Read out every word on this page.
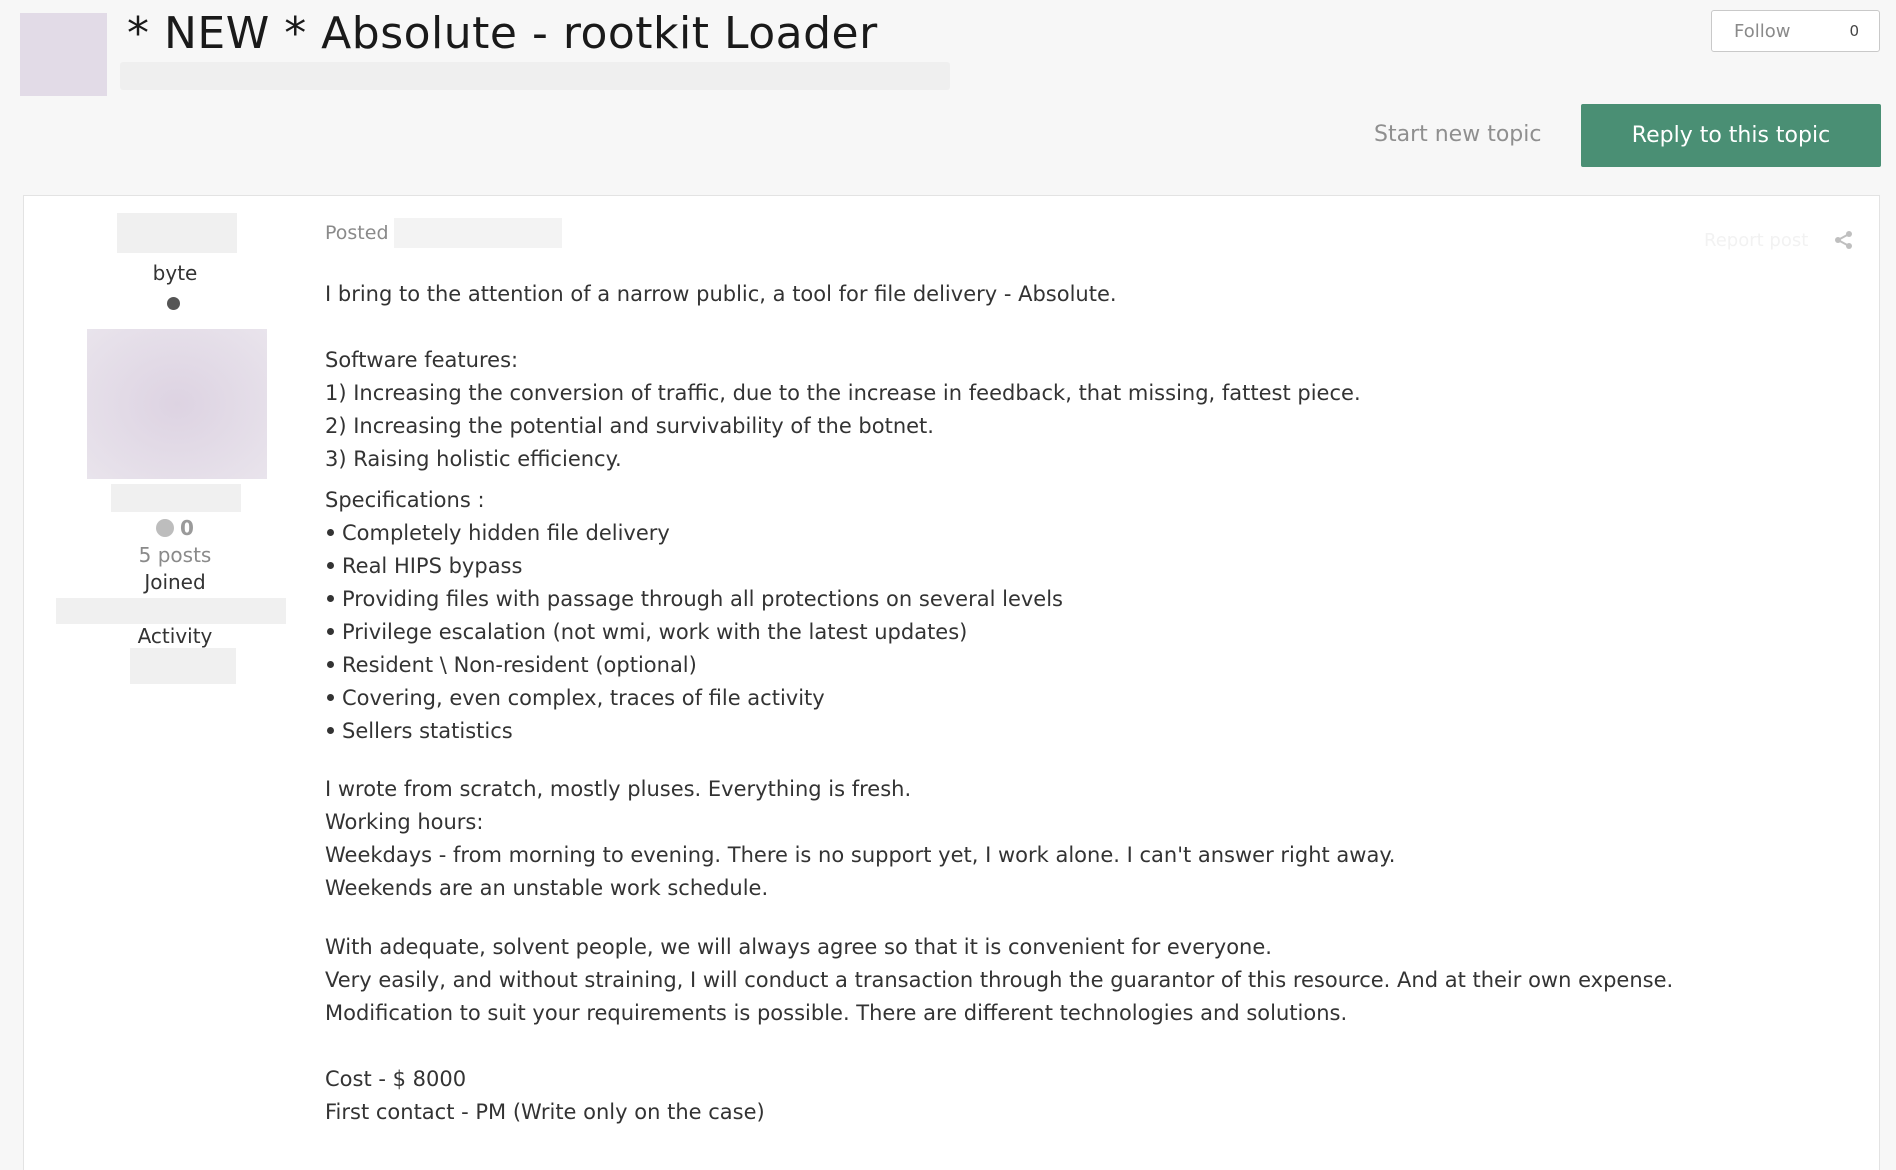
* NEW * Absolute - rootkit Loader	Follow	0
Start new topic	Reply to this topic
byte
0
5 posts
Joined
Activity
Posted	Report post

I bring to the attention of a narrow public, a tool for file delivery - Absolute.

Software features:

1) Increasing the conversion of traffic, due to the increase in feedback, that missing, fattest piece.

2) Increasing the potential and survivability of the botnet.

3) Raising holistic efficiency.

Specifications :

Completely hidden file delivery
Real HIPS bypass
Providing files with passage through all protections on several levels
Privilege escalation (not wmi, work with the latest updates)
Resident \ Non-resident (optional)
Covering, even complex, traces of file activity
Sellers statistics

I wrote from scratch, mostly pluses. Everything is fresh.

Working hours:

Weekdays - from morning to evening. There is no support yet, I work alone. I can't answer right away.

Weekends are an unstable work schedule.

With adequate, solvent people, we will always agree so that it is convenient for everyone.

Very easily, and without straining, I will conduct a transaction through the guarantor of this resource. And at their own expense.

Modification to suit your requirements is possible. There are different technologies and solutions.

Cost - $ 8000

First contact - PM (Write only on the case)
